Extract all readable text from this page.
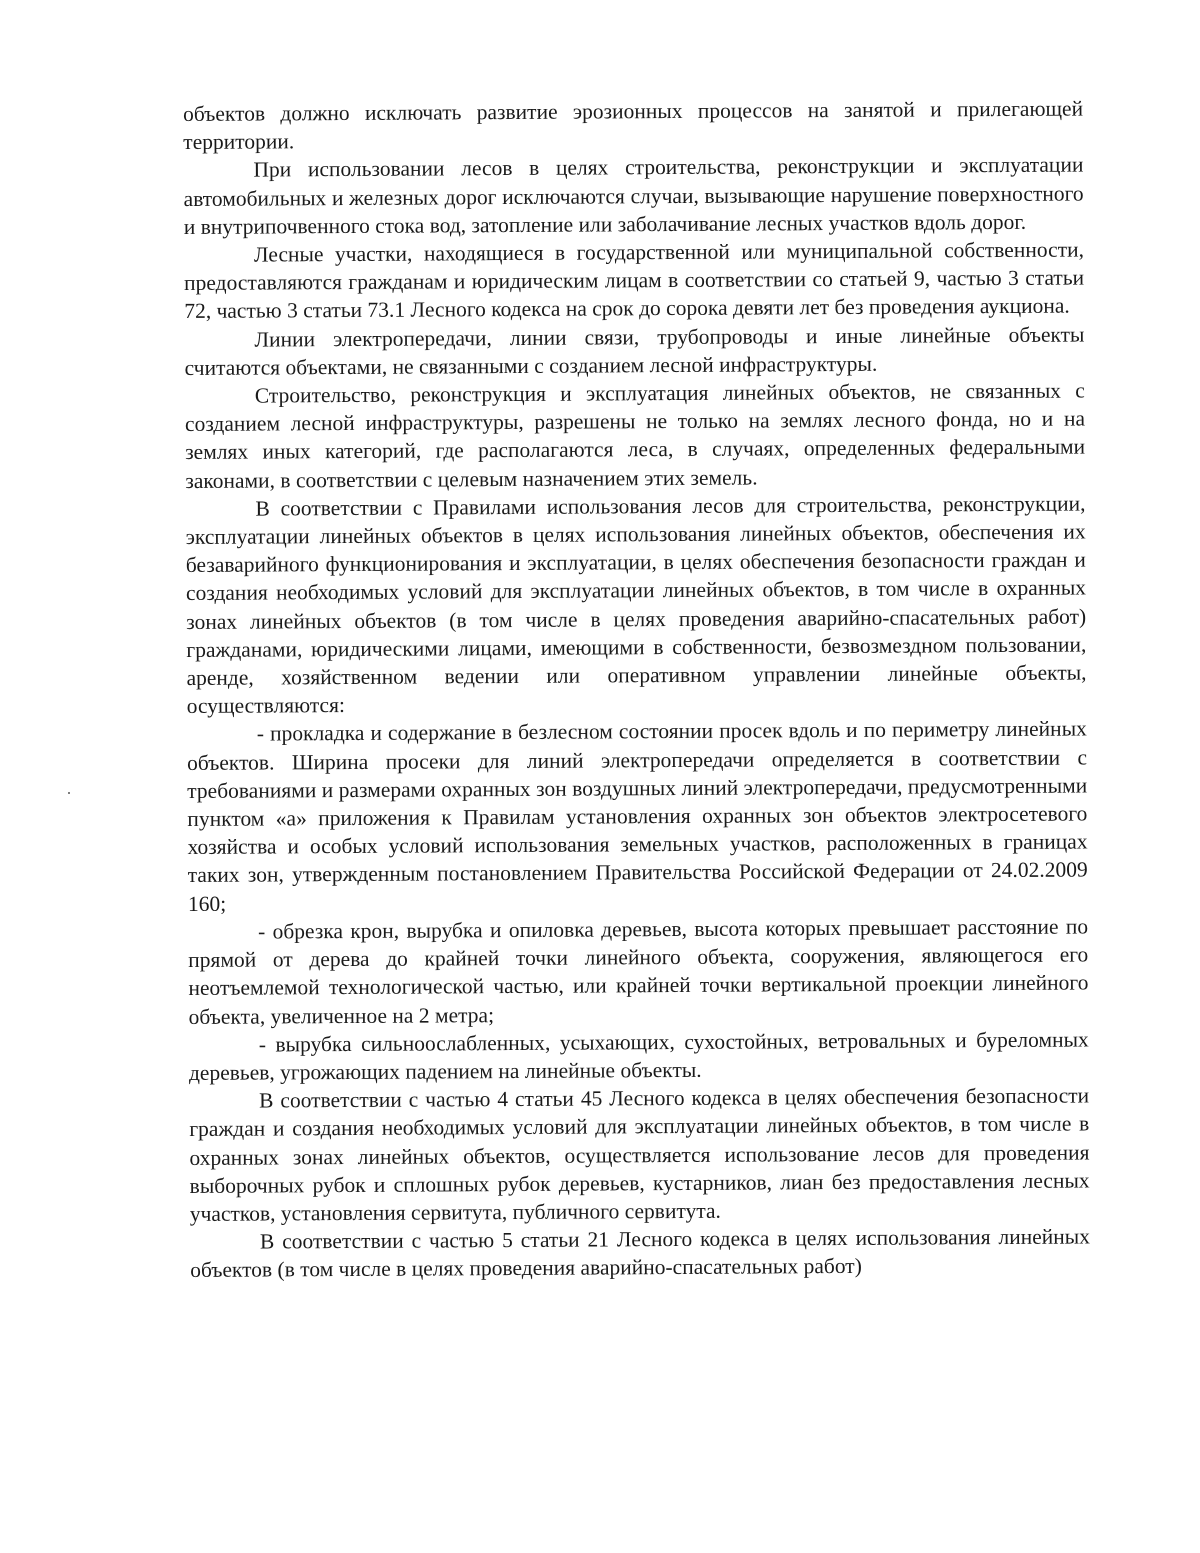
объектов должно исключать развитие эрозионных процессов на занятой и прилегающей территории.

При использовании лесов в целях строительства, реконструкции и эксплуатации автомобильных и железных дорог исключаются случаи, вызывающие нарушение поверхностного и внутрипочвенного стока вод, затопление или заболачивание лесных участков вдоль дорог.

Лесные участки, находящиеся в государственной или муниципальной собственности, предоставляются гражданам и юридическим лицам в соответствии со статьей 9, частью 3 статьи 72, частью 3 статьи 73.1 Лесного кодекса на срок до сорока девяти лет без проведения аукциона.

Линии электропередачи, линии связи, трубопроводы и иные линейные объекты считаются объектами, не связанными с созданием лесной инфраструктуры.

Строительство, реконструкция и эксплуатация линейных объектов, не связанных с созданием лесной инфраструктуры, разрешены не только на землях лесного фонда, но и на землях иных категорий, где располагаются леса, в случаях, определенных федеральными законами, в соответствии с целевым назначением этих земель.

В соответствии с Правилами использования лесов для строительства, реконструкции, эксплуатации линейных объектов в целях использования линейных объектов, обеспечения их безаварийного функционирования и эксплуатации, в целях обеспечения безопасности граждан и создания необходимых условий для эксплуатации линейных объектов, в том числе в охранных зонах линейных объектов (в том числе в целях проведения аварийно-спасательных работ) гражданами, юридическими лицами, имеющими в собственности, безвозмездном пользовании, аренде, хозяйственном ведении или оперативном управлении линейные объекты, осуществляются:

- прокладка и содержание в безлесном состоянии просек вдоль и по периметру линейных объектов. Ширина просеки для линий электропередачи определяется в соответствии с требованиями и размерами охранных зон воздушных линий электропередачи, предусмотренными пунктом «а» приложения к Правилам установления охранных зон объектов электросетевого хозяйства и особых условий использования земельных участков, расположенных в границах таких зон, утвержденным постановлением Правительства Российской Федерации от 24.02.2009 160;

- обрезка крон, вырубка и опиловка деревьев, высота которых превышает расстояние по прямой от дерева до крайней точки линейного объекта, сооружения, являющегося его неотъемлемой технологической частью, или крайней точки вертикальной проекции линейного объекта, увеличенное на 2 метра;

- вырубка сильноослабленных, усыхающих, сухостойных, ветровальных и буреломных деревьев, угрожающих падением на линейные объекты.

В соответствии с частью 4 статьи 45 Лесного кодекса в целях обеспечения безопасности граждан и создания необходимых условий для эксплуатации линейных объектов, в том числе в охранных зонах линейных объектов, осуществляется использование лесов для проведения выборочных рубок и сплошных рубок деревьев, кустарников, лиан без предоставления лесных участков, установления сервитута, публичного сервитута.

В соответствии с частью 5 статьи 21 Лесного кодекса в целях использования линейных объектов (в том числе в целях проведения аварийно-спасательных работ)
